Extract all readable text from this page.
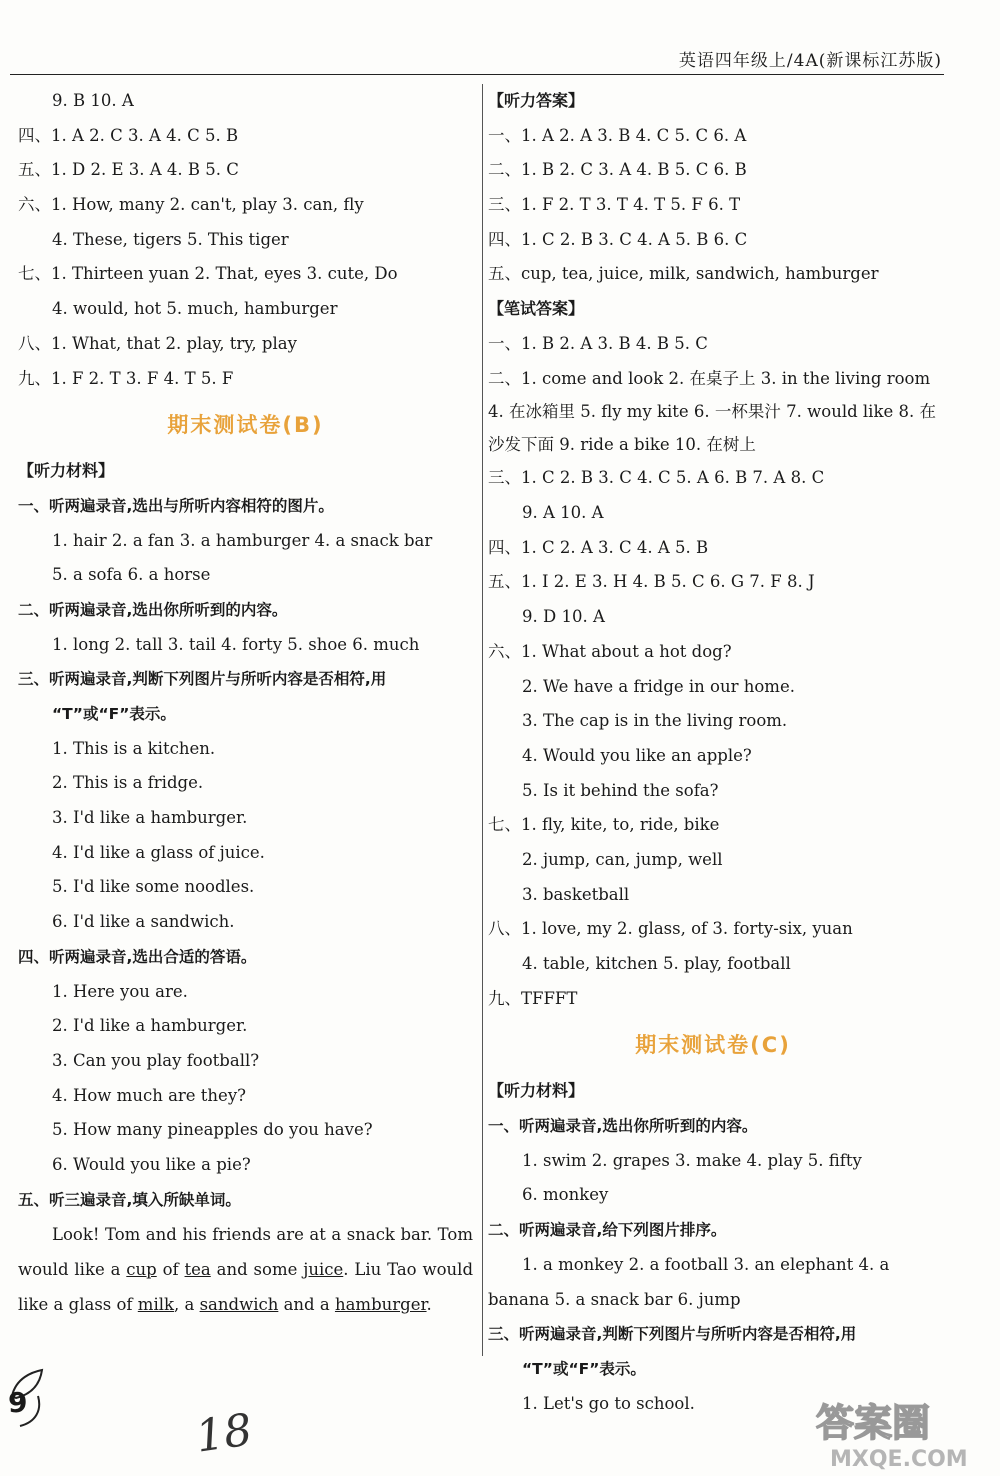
英语四年级上/4A(新课标江苏版)
9. B 10. A
四、1. A 2. C 3. A 4. C 5. B
五、1. D 2. E 3. A 4. B 5. C
六、1. How, many 2. can't, play 3. can, fly
4. These, tigers 5. This tiger
七、1. Thirteen yuan 2. That, eyes 3. cute, Do
4. would, hot 5. much, hamburger
八、1. What, that 2. play, try, play
九、1. F 2. T 3. F 4. T 5. F
期末测试卷(B)
【听力材料】
一、听两遍录音,选出与所听内容相符的图片。
1. hair 2. a fan 3. a hamburger 4. a snack bar
5. a sofa 6. a horse
二、听两遍录音,选出你所听到的内容。
1. long 2. tall 3. tail 4. forty 5. shoe 6. much
三、听两遍录音,判断下列图片与所听内容是否相符,用
“T”或“F”表示。
1. This is a kitchen.
2. This is a fridge.
3. I'd like a hamburger.
4. I'd like a glass of juice.
5. I'd like some noodles.
6. I'd like a sandwich.
四、听两遍录音,选出合适的答语。
1. Here you are.
2. I'd like a hamburger.
3. Can you play football?
4. How much are they?
5. How many pineapples do you have?
6. Would you like a pie?
五、听三遍录音,填入所缺单词。
Look! Tom and his friends are at a snack bar. Tom would like a cup of tea and some juice. Liu Tao would like a glass of milk, a sandwich and a hamburger.
【听力答案】
一、1. A 2. A 3. B 4. C 5. C 6. A
二、1. B 2. C 3. A 4. B 5. C 6. B
三、1. F 2. T 3. T 4. T 5. F 6. T
四、1. C 2. B 3. C 4. A 5. B 6. C
五、cup, tea, juice, milk, sandwich, hamburger
【笔试答案】
一、1. B 2. A 3. B 4. B 5. C
二、1. come and look 2. 在桌子上 3. in the living room 4. 在冰箱里 5. fly my kite 6. 一杯果汁 7. would like 8. 在沙发下面 9. ride a bike 10. 在树上
三、1. C 2. B 3. C 4. C 5. A 6. B 7. A 8. C
9. A 10. A
四、1. C 2. A 3. C 4. A 5. B
五、1. I 2. E 3. H 4. B 5. C 6. G 7. F 8. J
9. D 10. A
六、1. What about a hot dog?
2. We have a fridge in our home.
3. The cap is in the living room.
4. Would you like an apple?
5. Is it behind the sofa?
七、1. fly, kite, to, ride, bike
2. jump, can, jump, well
3. basketball
八、1. love, my 2. glass, of 3. forty-six, yuan
4. table, kitchen 5. play, football
九、TFFFT
期末测试卷(C)
【听力材料】
一、听两遍录音,选出你所听到的内容。
1. swim 2. grapes 3. make 4. play 5. fifty
6. monkey
二、听两遍录音,给下列图片排序。
1. a monkey 2. a football 3. an elephant 4. a
banana 5. a snack bar 6. jump
三、听两遍录音,判断下列图片与所听内容是否相符,用
“T”或“F”表示。
1. Let's go to school.
9
18	答案圈
MXQE.COM
